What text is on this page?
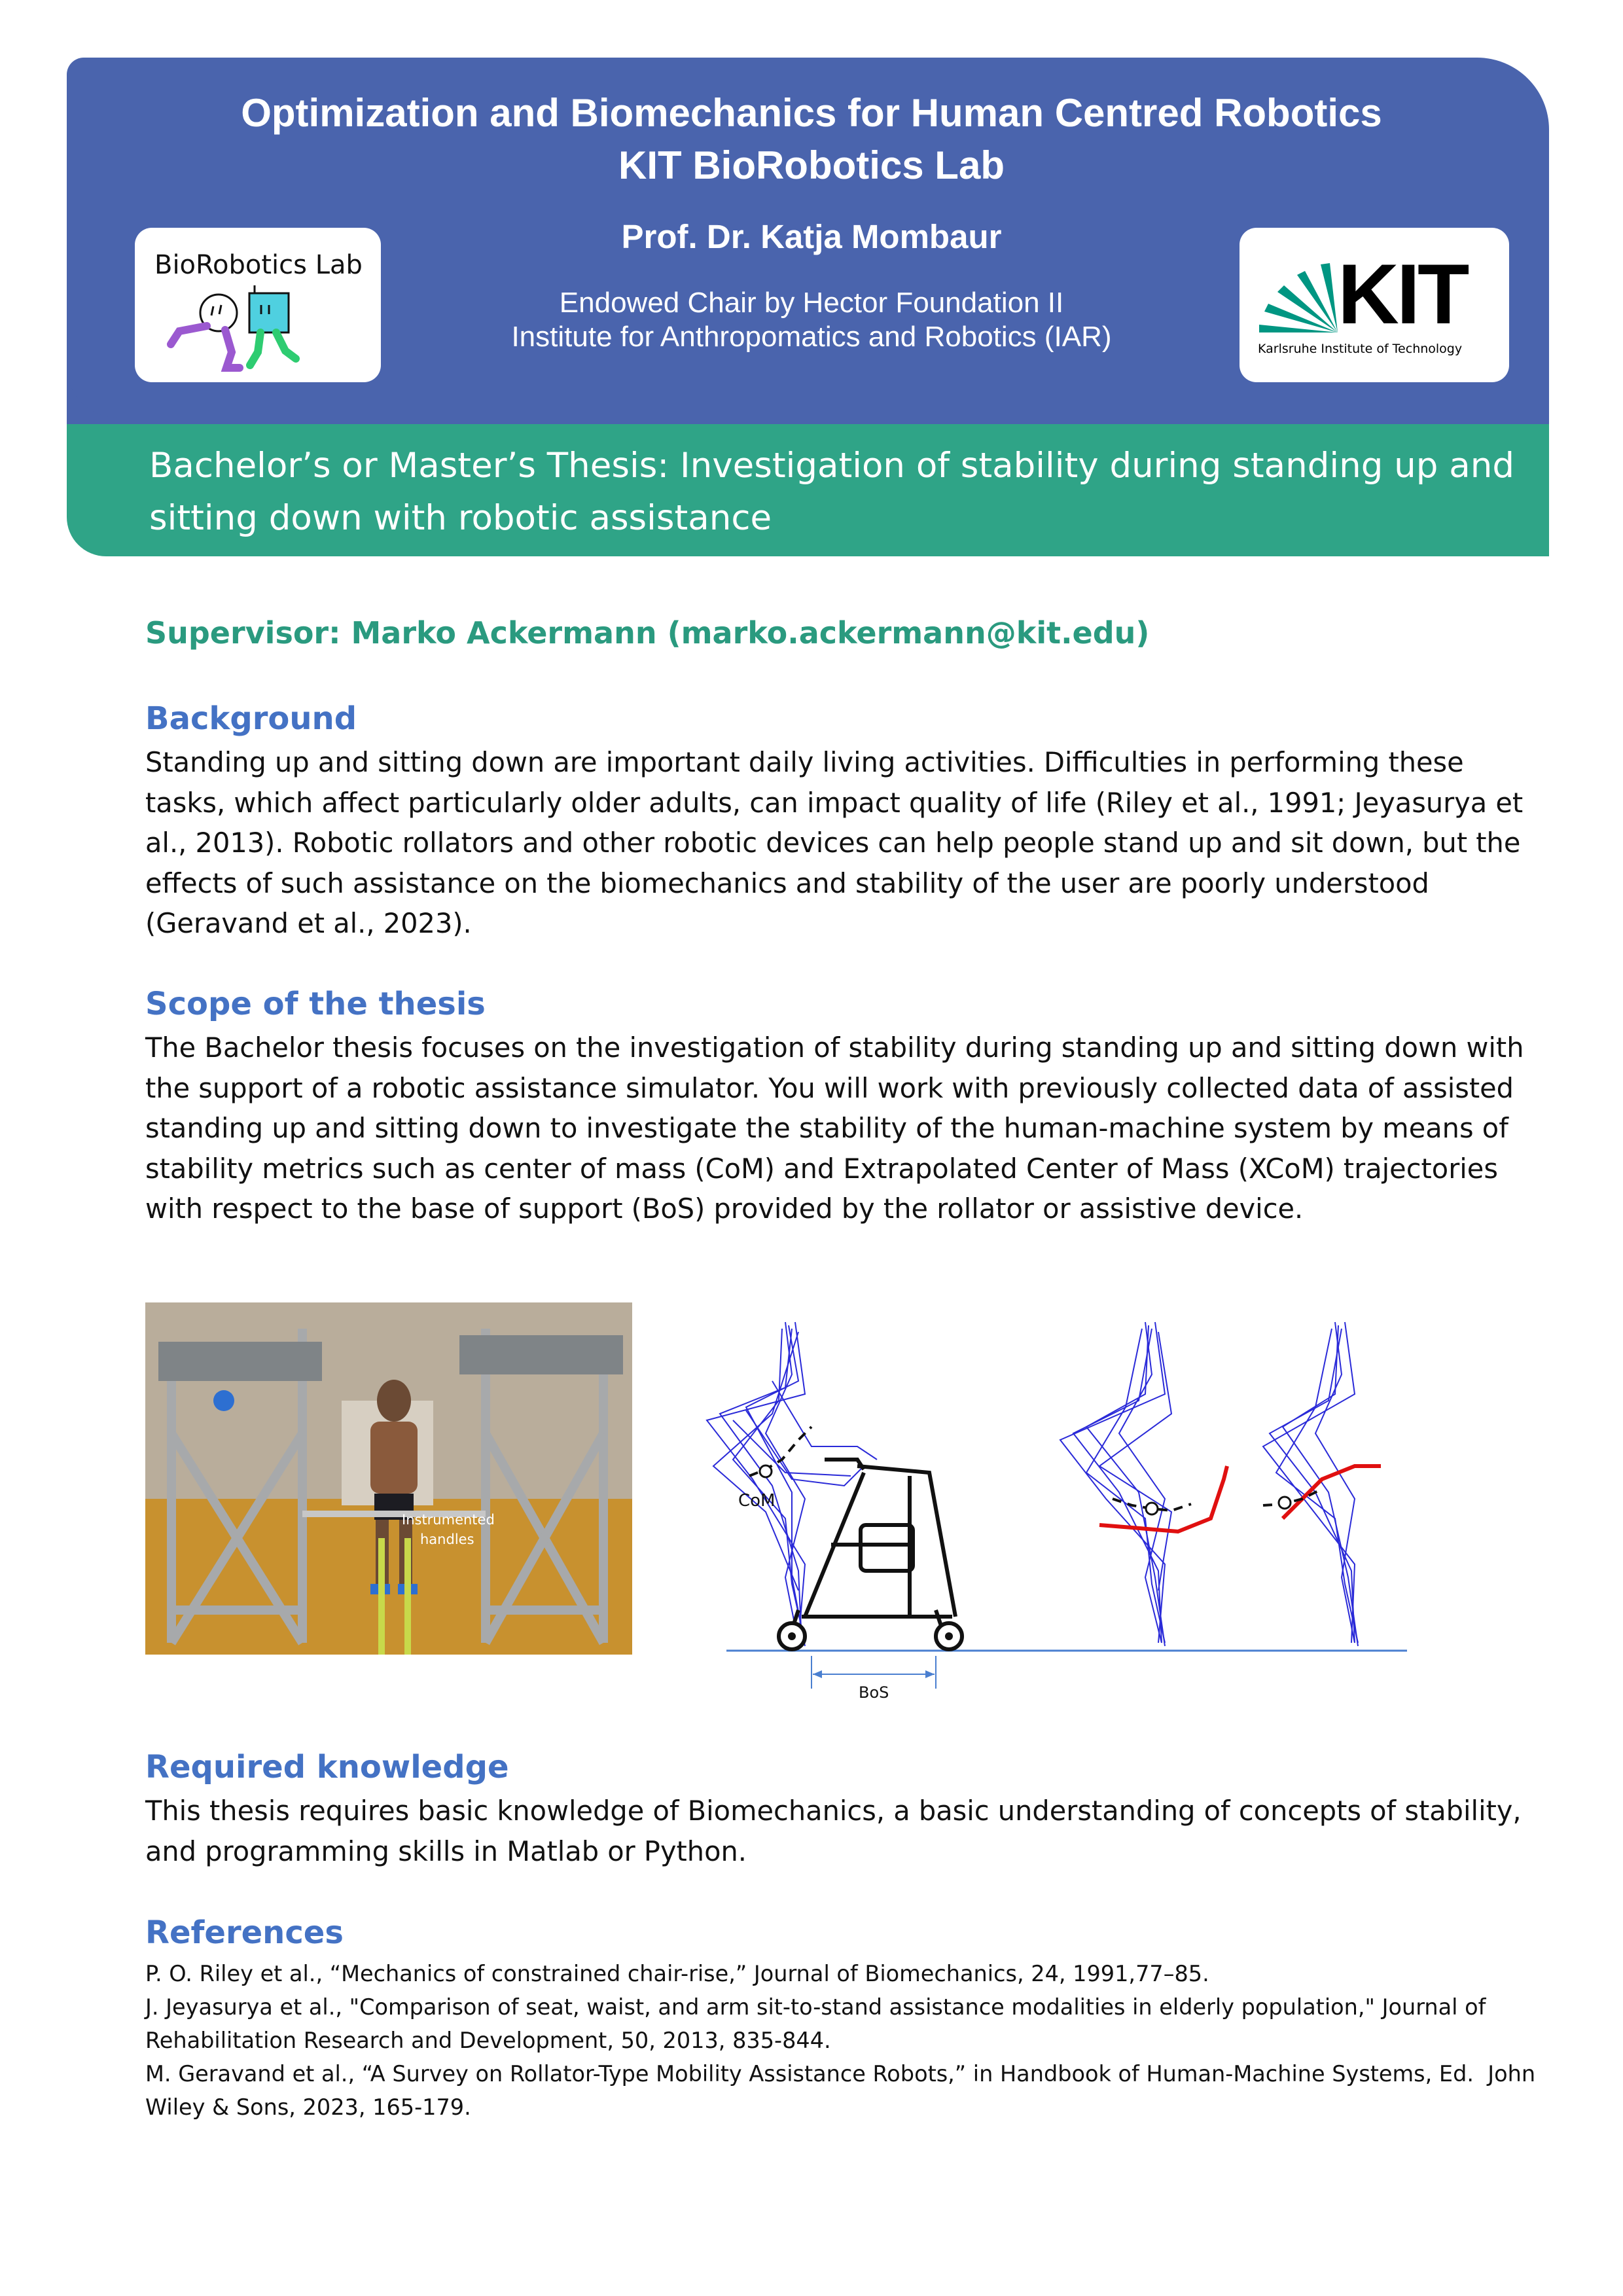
Optimization and Biomechanics for Human Centred Robotics
KIT BioRobotics Lab
Prof. Dr. Katja Mombaur
Endowed Chair by Hector Foundation II
Institute for Anthropomatics and Robotics (IAR)
BioRobotics Lab	KIT
Karlsruhe Institute of Technology
Bachelor’s or Master’s Thesis: Investigation of stability during standing up and sitting down with robotic assistance
Supervisor: Marko Ackermann (marko.ackermann@kit.edu)
Background
Standing up and sitting down are important daily living activities. Difficulties in performing these tasks, which affect particularly older adults, can impact quality of life (Riley et al., 1991; Jeyasurya et al., 2013). Robotic rollators and other robotic devices can help people stand up and sit down, but the effects of such assistance on the biomechanics and stability of the user are poorly understood (Geravand et al., 2023).
Scope of the thesis
The Bachelor thesis focuses on the investigation of stability during standing up and sitting down with the support of a robotic assistance simulator. You will work with previously collected data of assisted standing up and sitting down to investigate the stability of the human-machine system by means of stability metrics such as center of mass (CoM) and Extrapolated Center of Mass (XCoM) trajectories with respect to the base of support (BoS) provided by the rollator or assistive device.
Instrumented
handles
CoM
BoS
Required knowledge
This thesis requires basic knowledge of Biomechanics, a basic understanding of concepts of stability, and programming skills in Matlab or Python.
References
P. O. Riley et al., “Mechanics of constrained chair-rise,” Journal of Biomechanics, 24, 1991,77–85.
J. Jeyasurya et al., "Comparison of seat, waist, and arm sit-to-stand assistance modalities in elderly population," Journal of Rehabilitation Research and Development, 50, 2013, 835-844.
M. Geravand et al., “A Survey on Rollator-Type Mobility Assistance Robots,” in Handbook of Human-Machine Systems, Ed.  John Wiley & Sons, 2023, 165-179.
